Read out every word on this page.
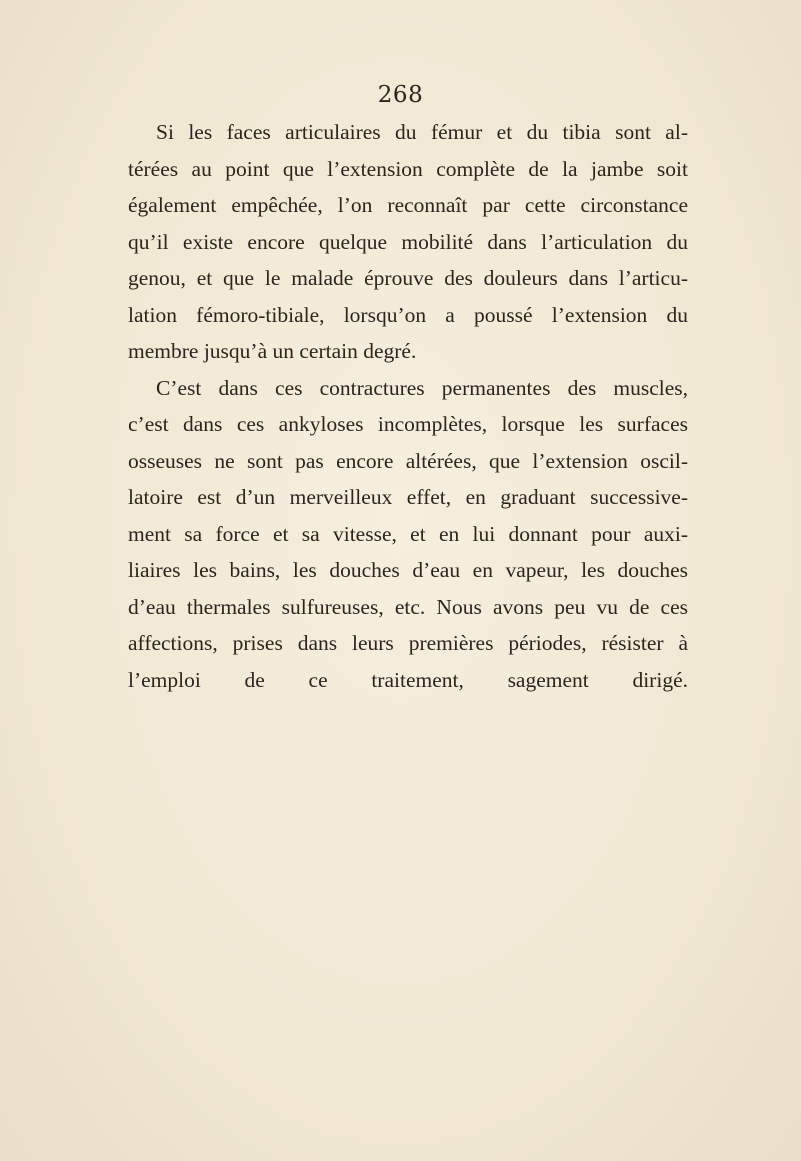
268
Si les faces articulaires du fémur et du tibia sont al-
térées au point que l’extension complète de la jambe soit
également empêchée, l’on reconnaît par cette circonstance
qu’il existe encore quelque mobilité dans l’articulation du
genou, et que le malade éprouve des douleurs dans l’articu-
lation fémoro-tibiale, lorsqu’on a poussé l’extension du
membre jusqu’à un certain degré.
C’est dans ces contractures permanentes des muscles,
c’est dans ces ankyloses incomplètes, lorsque les surfaces
osseuses ne sont pas encore altérées, que l’extension oscil-
latoire est d’un merveilleux effet, en graduant successive-
ment sa force et sa vitesse, et en lui donnant pour auxi-
liaires les bains, les douches d’eau en vapeur, les douches
d’eau thermales sulfureuses, etc. Nous avons peu vu de ces
affections, prises dans leurs premières périodes, résister à
l’emploi de ce traitement, sagement dirigé.
